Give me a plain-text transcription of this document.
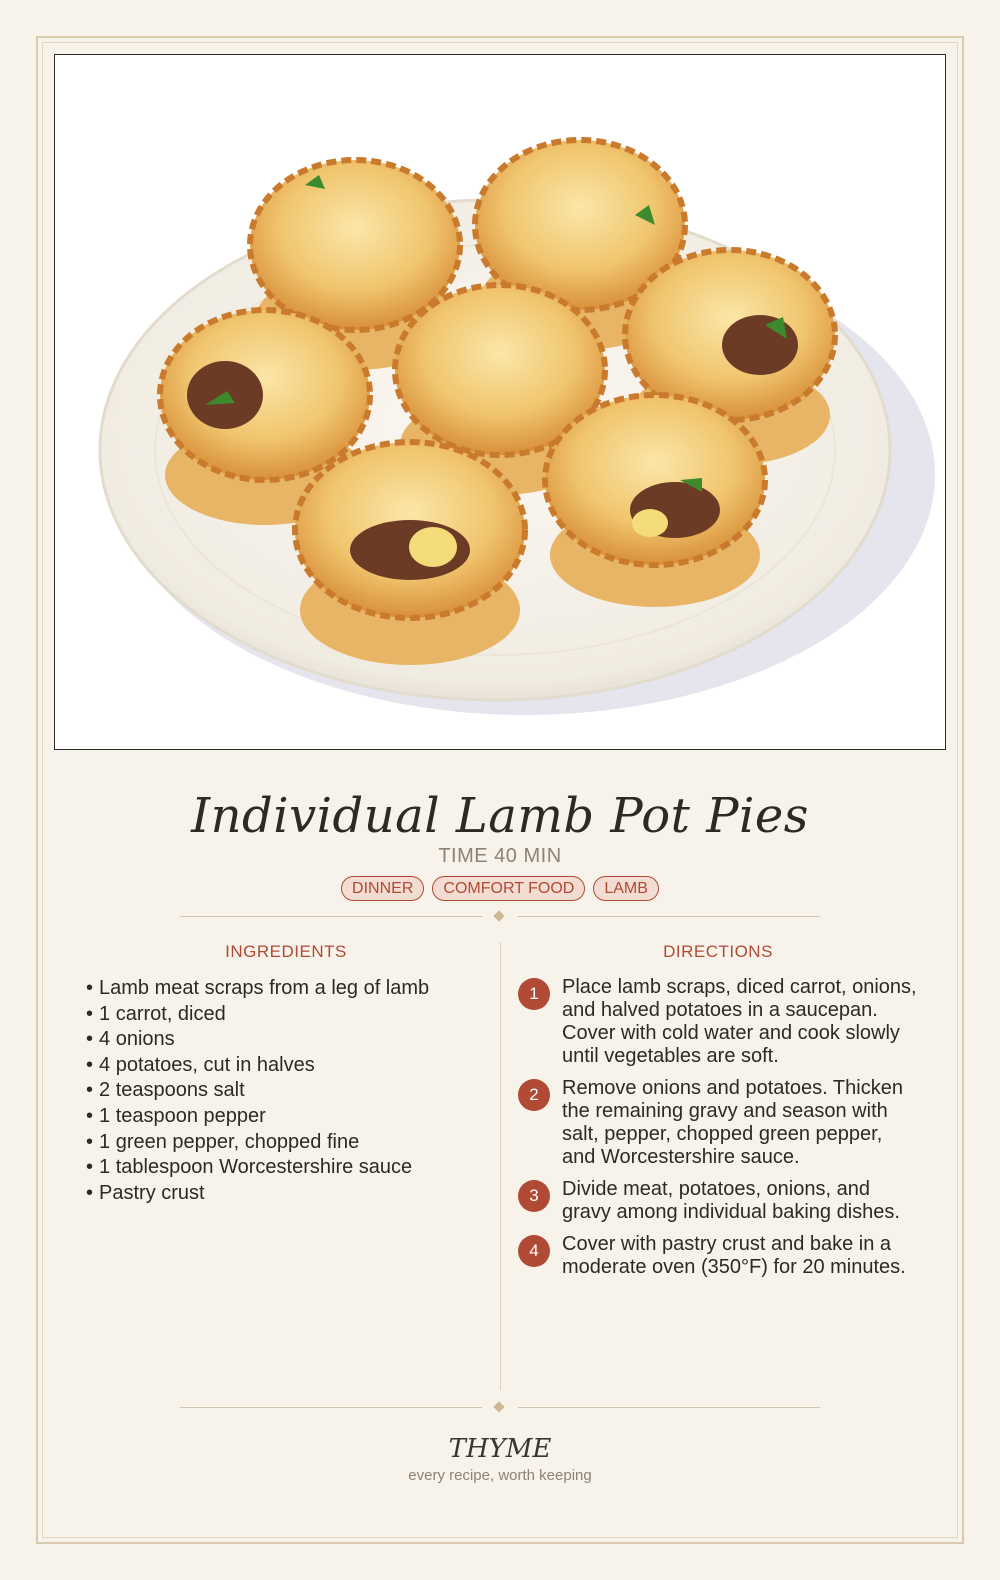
Individual Lamb Pot Pies
TIME 40 MIN
DINNER	COMFORT FOOD	LAMB
INGREDIENTS
• Lamb meat scraps from a leg of lamb
• 1 carrot, diced
• 4 onions
• 4 potatoes, cut in halves
• 2 teaspoons salt
• 1 teaspoon pepper
• 1 green pepper, chopped fine
• 1 tablespoon Worcestershire sauce
• Pastry crust
DIRECTIONS
1	Place lamb scraps, diced carrot, onions, and halved potatoes in a saucepan. Cover with cold water and cook slowly until vegetables are soft.
2	Remove onions and potatoes. Thicken the remaining gravy and season with salt, pepper, chopped green pepper, and Worcestershire sauce.
3	Divide meat, potatoes, onions, and gravy among individual baking dishes.
4	Cover with pastry crust and bake in a moderate oven (350°F) for 20 minutes.
THYME
every recipe, worth keeping
